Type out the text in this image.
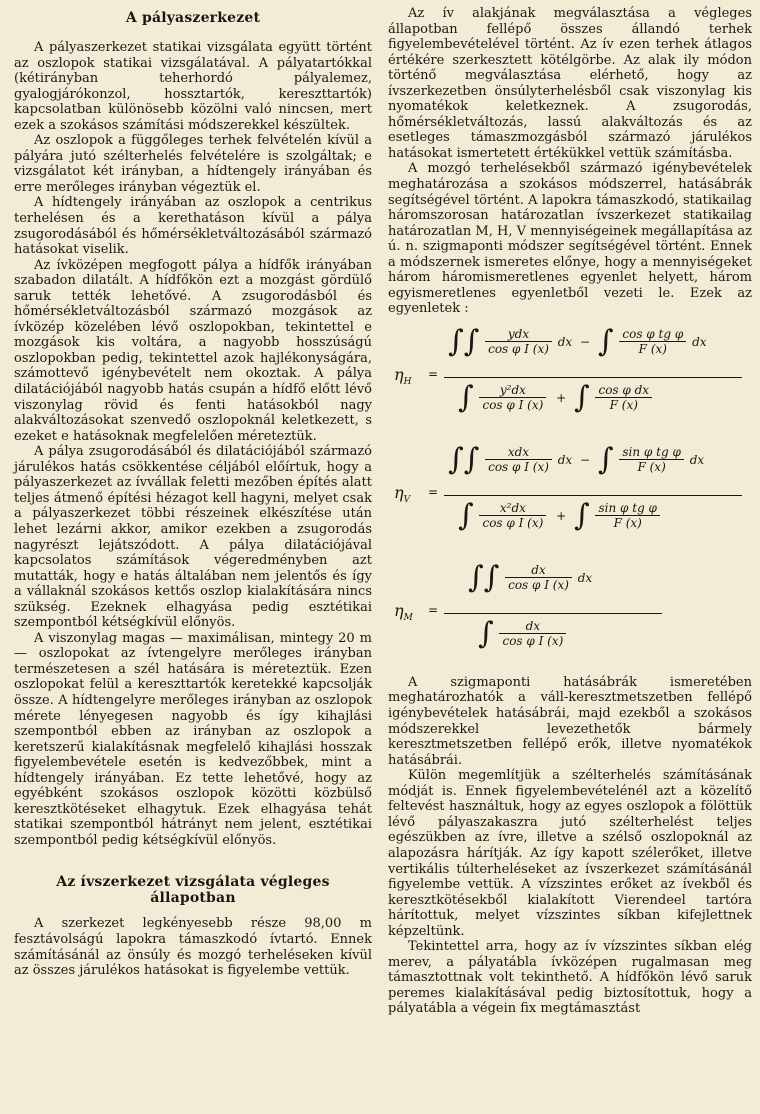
A pályaszerkezet

A pályaszerkezet statikai vizsgálata együtt történt az oszlopok statikai vizsgálatával. A pályatartókkal (kétirányban teherhordó pályalemez, gyalogjárókonzol, hossztartók, kereszttartók) kapcsolatban különösebb közölni való nincsen, mert ezek a szokásos számítási módszerekkel készültek.

Az oszlopok a függőleges terhek felvételén kívül a pályára jutó szélterhelés felvételére is szolgáltak; e vizsgálatot két irányban, a hídtengely irányában és erre merőleges irányban végeztük el.

A hídtengely irányában az oszlopok a centrikus terhelésen és a kerethatáson kívül a pálya zsugorodásából és hőmérsékletváltozásából származó hatásokat viselik.

Az ívközépen megfogott pálya a hídfők irányában szabadon dilatált. A hídfőkön ezt a mozgást gördülő saruk tették lehetővé. A zsugorodásból és hőmérsékletváltozásból származó mozgások az ívközép közelében lévő oszlopokban, tekintettel e mozgások kis voltára, a nagyobb hosszúságú oszlopokban pedig, tekintettel azok hajlékonyságára, számottevő igénybevételt nem okoztak. A pálya dilatációjából nagyobb hatás csupán a hídfő előtt lévő viszonylag rövid és fenti hatásokból nagy alakváltozásokat szenvedő oszlopoknál keletkezett, s ezeket e hatásoknak megfelelően méreteztük.

A pálya zsugorodásából és dilatációjából származó járulékos hatás csökkentése céljából előírtuk, hogy a pályaszerkezet az ívvállak feletti mezőben építés alatt teljes átmenő építési hézagot kell hagyni, melyet csak a pályaszerkezet többi részeinek elkészítése után lehet lezárni akkor, amikor ezekben a zsugorodás nagyrészt lejátszódott. A pálya dilatációjával kapcsolatos számítások végeredményben azt mutatták, hogy e hatás általában nem jelentős és így a vállaknál szokásos kettős oszlop kialakítására nincs szükség. Ezeknek elhagyása pedig esztétikai szempontból kétségkívül előnyös.

A viszonylag magas — maximálisan, mintegy 20 m — oszlopokat az ívtengelyre merőleges irányban természetesen a szél hatására is méreteztük. Ezen oszlopokat felül a kereszttartók keretekké kapcsolják össze. A hídtengelyre merőleges irányban az oszlopok mérete lényegesen nagyobb és így kihajlási szempontból ebben az irányban az oszlopok a keretszerű kialakításnak megfelelő kihajlási hosszak figyelembevétele esetén is kedvezőbbek, mint a hídtengely irányában. Ez tette lehetővé, hogy az egyébként szokásos oszlopok közötti közbülső keresztkötéseket elhagytuk. Ezek elhagyása tehát statikai szempontból hátrányt nem jelent, esztétikai szempontból pedig kétségkívül előnyös.

Az ívszerkezet vizsgálata végleges állapotban

A szerkezet legkényesebb része 98,00 m fesztávolságú lapokra támaszkodó ívtartó. Ennek számításánál az önsúly és mozgó terheléseken kívül az összes járulékos hatásokat is figyelembe vettük.

Az ív alakjának megválasztása a végleges állapotban fellépő összes állandó terhek figyelembevételével történt. Az ív ezen terhek átlagos értékére szerkesztett kötélgörbe. Az alak ily módon történő megválasztása elérhető, hogy az ívszerkezetben önsúlyterhelésből csak viszonylag kis nyomatékok keletkeznek. A zsugorodás, hőmérsékletváltozás, lassú alakváltozás és az esetleges támaszmozgásból származó járulékos hatásokat ismertetett értékükkel vettük számításba.

A mozgó terhelésekből származó igénybevételek meghatározása a szokásos módszerrel, hatásábrák segítségével történt. A lapokra támaszkodó, statikailag háromszorosan határozatlan ívszerkezet statikailag határozatlan M, H, V mennyiségeinek megállapítása az ú. n. szigmaponti módszer segítségével történt. Ennek a módszernek ismeretes előnye, hogy a mennyiségeket három háromismeretlenes egyenlet helyett, három egyismeretlenes egyenletből vezeti le. Ezek az egyenletek :

$\eta_H$
=
∫∫ $\frac{\text{ydx}}{\text{cos φ I (x)}}$ dx − ∫ $\frac{\text{cos φ tg φ}}{F (x)}$ dx
∫ $\frac{\text{y²dx}}{\text{cos φ I (x)}}$ + ∫ $\frac{\text{cos φ dx}}{F (x)}$
$\eta_V$
=
∫∫ $\frac{\text{xdx}}{\text{cos φ I (x)}}$ dx − ∫ $\frac{\text{sin φ tg φ}}{F (x)}$ dx
∫ $\frac{\text{x²dx}}{\text{cos φ I (x)}}$ + ∫ $\frac{\text{sin φ tg φ}}{F (x)}$
$\eta_M$
=
∫∫ $\frac{dx}{\text{cos φ I (x)}}$ dx
∫ $\frac{dx}{\text{cos φ I (x)}}$

A szigmaponti hatásábrák ismeretében meghatározhatók a váll-keresztmetszetben fellépő igénybevételek hatásábrái, majd ezekből a szokásos módszerekkel levezethetők bármely keresztmetszetben fellépő erők, illetve nyomatékok hatásábrái.

Külön megemlítjük a szélterhelés számításának módját is. Ennek figyelembevételénél azt a közelítő feltevést használtuk, hogy az egyes oszlopok a fölöttük lévő pályaszakaszra jutó szélterhelést teljes egészükben az ívre, illetve a szélső oszlopoknál az alapozásra hárítják. Az így kapott szélerőket, illetve vertikális túlterheléseket az ívszerkezet számításánál figyelembe vettük. A vízszintes erőket az ívekből és keresztkötésekből kialakított Vierendeel tartóra hárítottuk, melyet vízszintes síkban kifejlettnek képzeltünk.

Tekintettel arra, hogy az ív vízszintes síkban elég merev, a pályatábla ívközépen rugalmasan meg támasztottnak volt tekinthető. A hídfőkön lévő saruk peremes kialakításával pedig biztosítottuk, hogy a pályatábla a végein fix megtámasztást
